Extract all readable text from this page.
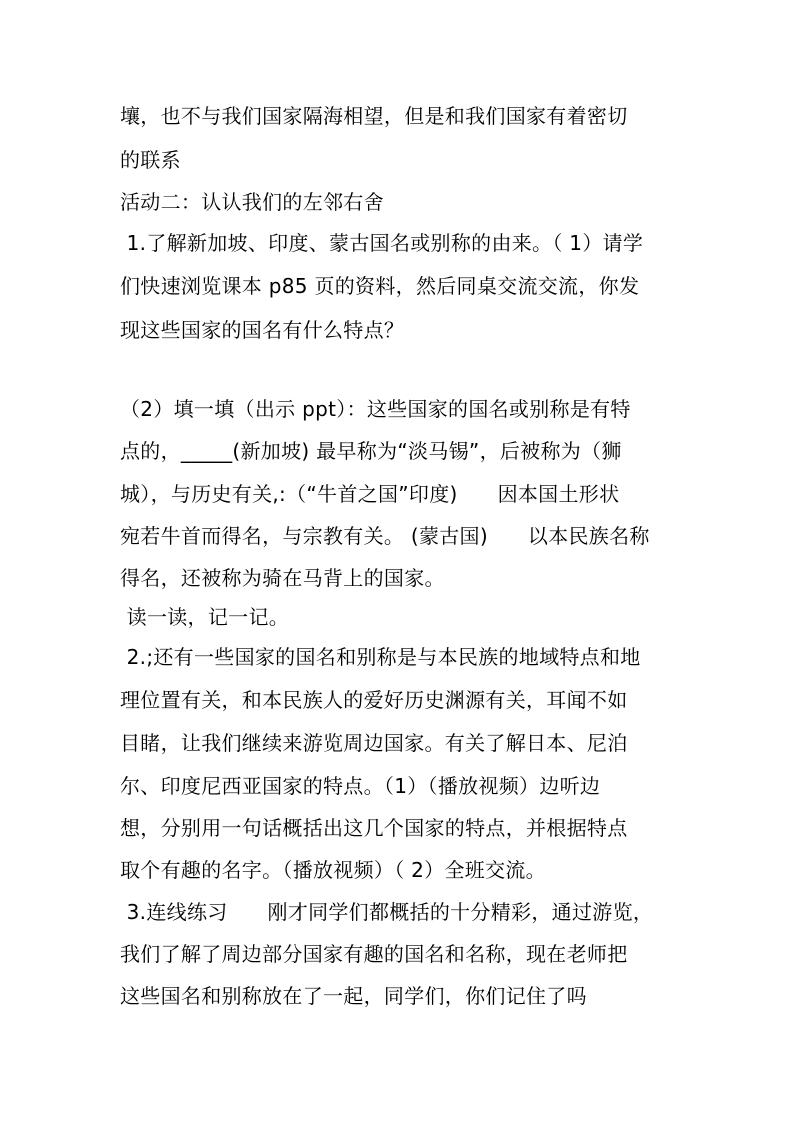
壤，也不与我们国家隔海相望，但是和我们国家有着密切
的联系
活动二：认认我们的左邻右舍
1.了解新加坡、印度、蒙古国名或别称的由来。（ 1）请学
们快速浏览课本 p85 页的资料，然后同桌交流交流，你发
现这些国家的国名有什么特点？
（2）填一填（出示 ppt）：这些国家的国名或别称是有特
点的，_____(新加坡) 最早称为“淡马锡”，后被称为（狮
城），与历史有关,:（“牛首之国”印度)      因本国土形状
宛若牛首而得名，与宗教有关。 (蒙古国)      以本民族名称
得名，还被称为骑在马背上的国家。
读一读，记一记。
2.;还有一些国家的国名和别称是与本民族的地域特点和地
理位置有关，和本民族人的爱好历史渊源有关，耳闻不如
目睹，让我们继续来游览周边国家。有关了解日本、尼泊
尔、印度尼西亚国家的特点。（1）（播放视频）边听边
想，分别用一句话概括出这几个国家的特点，并根据特点
取个有趣的名字。（播放视频）（ 2）全班交流。
3.连线练习      刚才同学们都概括的十分精彩，通过游览，
我们了解了周边部分国家有趣的国名和名称，现在老师把
这些国名和别称放在了一起，同学们，你们记住了吗
